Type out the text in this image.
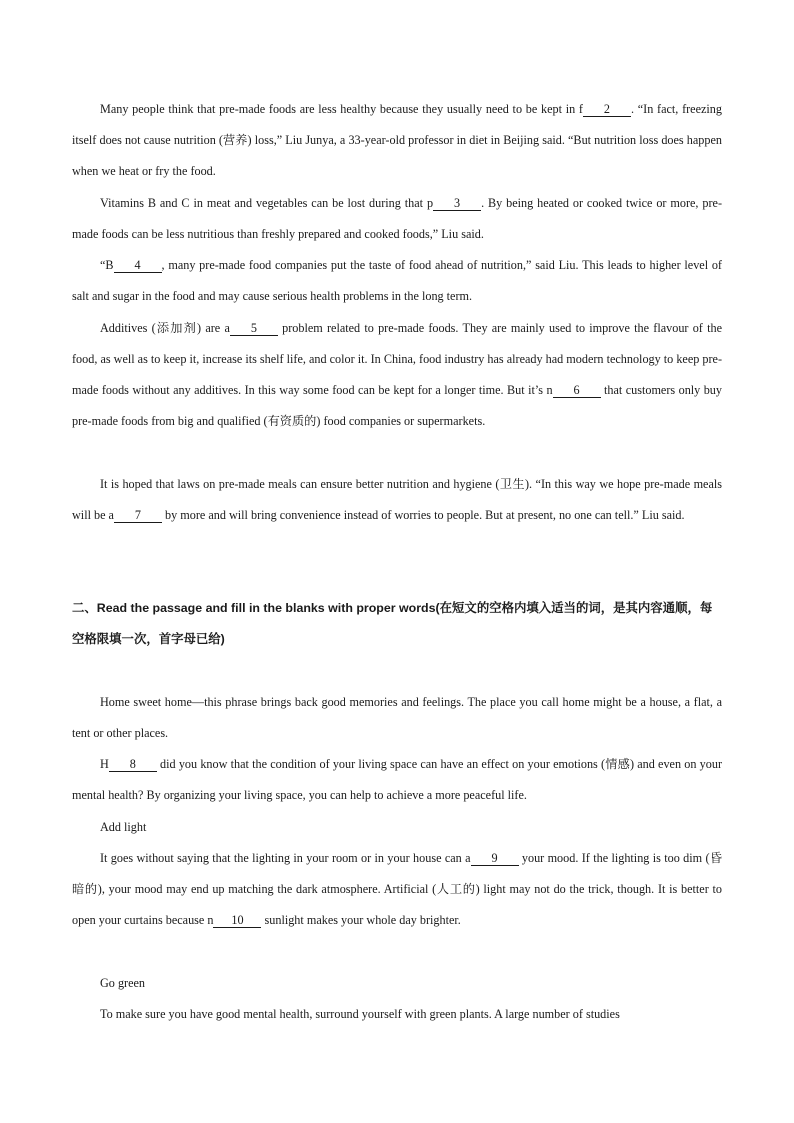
Many people think that pre-made foods are less healthy because they usually need to be kept in f 2 . “In fact, freezing itself does not cause nutrition (营养) loss,” Liu Junya, a 33-year-old professor in diet in Beijing said. “But nutrition loss does happen when we heat or fry the food.

Vitamins B and C in meat and vegetables can be lost during that p 3 . By being heated or cooked twice or more, pre-made foods can be less nutritious than freshly prepared and cooked foods,” Liu said.

“B 4 , many pre-made food companies put the taste of food ahead of nutrition,” said Liu. This leads to higher level of salt and sugar in the food and may cause serious health problems in the long term.

Additives (添加剂) are a 5 problem related to pre-made foods. They are mainly used to improve the flavour of the food, as well as to keep it, increase its shelf life, and color it. In China, food industry has already had modern technology to keep pre-made foods without any additives. In this way some food can be kept for a longer time. But it’s n 6 that customers only buy pre-made foods from big and qualified (有资质的) food companies or supermarkets.

It is hoped that laws on pre-made meals can ensure better nutrition and hygiene (卫生). “In this way we hope pre-made meals will be a 7 by more and will bring convenience instead of worries to people. But at present, no one can tell.” Liu said.

二、Read the passage and fill in the blanks with proper words(在短文的空格内填入适当的词，是其内容通顺，每空格限填一次，首字母已给)

Home sweet home—this phrase brings back good memories and feelings. The place you call home might be a house, a flat, a tent or other places.

H 8 did you know that the condition of your living space can have an effect on your emotions (情感) and even on your mental health? By organizing your living space, you can help to achieve a more peaceful life.

Add light

It goes without saying that the lighting in your room or in your house can a 9 your mood. If the lighting is too dim (昏暗的), your mood may end up matching the dark atmosphere. Artificial (人工的) light may not do the trick, though. It is better to open your curtains because n 10 sunlight makes your whole day brighter.

Go green

To make sure you have good mental health, surround yourself with green plants. A large number of studies
